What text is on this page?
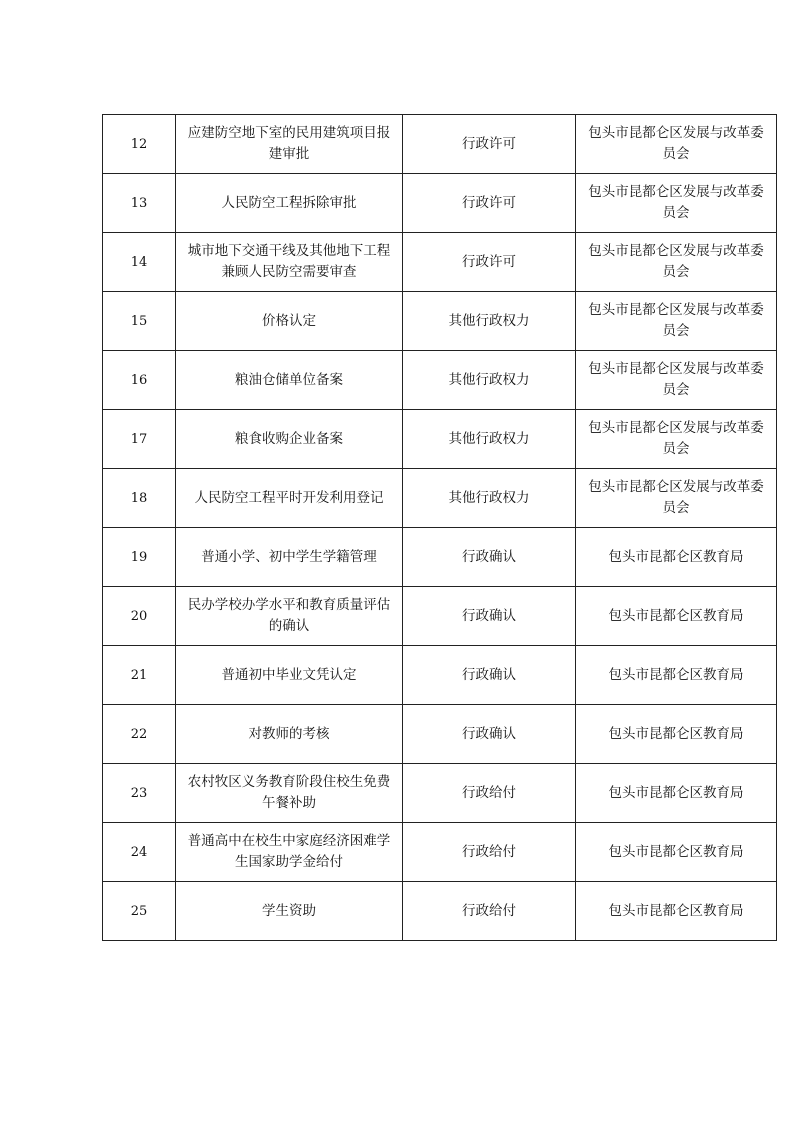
12	应建防空地下室的民用建筑项目报建审批	行政许可	包头市昆都仑区发展与改革委员会
13	人民防空工程拆除审批	行政许可	包头市昆都仑区发展与改革委员会
14	城市地下交通干线及其他地下工程兼顾人民防空需要审查	行政许可	包头市昆都仑区发展与改革委员会
15	价格认定	其他行政权力	包头市昆都仑区发展与改革委员会
16	粮油仓储单位备案	其他行政权力	包头市昆都仑区发展与改革委员会
17	粮食收购企业备案	其他行政权力	包头市昆都仑区发展与改革委员会
18	人民防空工程平时开发利用登记	其他行政权力	包头市昆都仑区发展与改革委员会
19	普通小学、初中学生学籍管理	行政确认	包头市昆都仑区教育局
20	民办学校办学水平和教育质量评估的确认	行政确认	包头市昆都仑区教育局
21	普通初中毕业文凭认定	行政确认	包头市昆都仑区教育局
22	对教师的考核	行政确认	包头市昆都仑区教育局
23	农村牧区义务教育阶段住校生免费午餐补助	行政给付	包头市昆都仑区教育局
24	普通高中在校生中家庭经济困难学生国家助学金给付	行政给付	包头市昆都仑区教育局
25	学生资助	行政给付	包头市昆都仑区教育局
